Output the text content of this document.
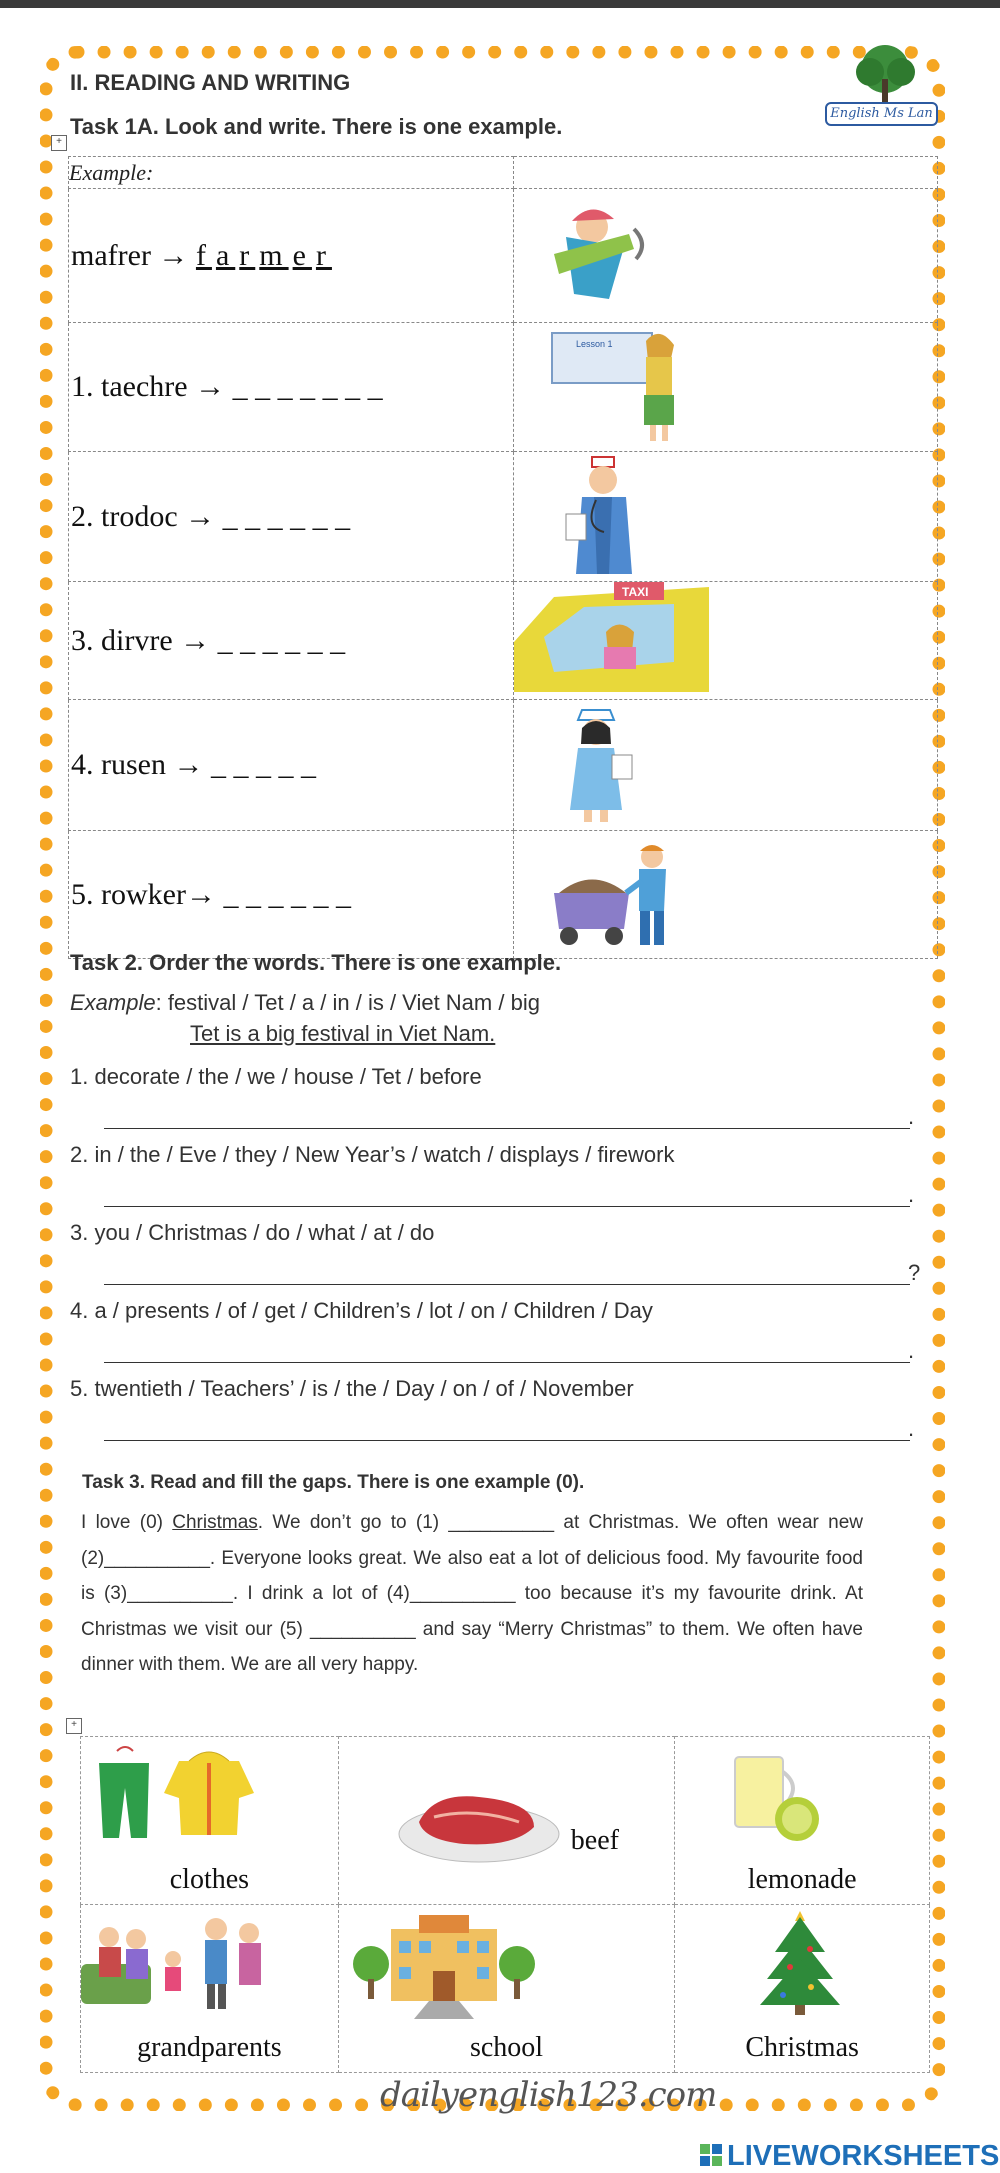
II. READING AND WRITING
English Ms Lan
Task 1A. Look and write. There is one example.
+
Example:	

mafrer → f a r m e r

1. taechre → _ _ _ _ _ _ _	Lesson 1

2. trodoc → _ _ _ _ _ _

3. dirvre → _ _ _ _ _ _	TAXI

4. rusen → _ _ _ _ _

5. rowker→ _ _ _ _ _ _

Task 2. Order the words. There is one example.
Example: festival / Tet / a / in / is / Viet Nam / big
Tet is a big festival in Viet Nam.
1. decorate / the / we / house / Tet / before
.
2. in / the / Eve / they / New Year’s / watch / displays / firework
.
3. you / Christmas / do / what / at / do
?
4. a / presents / of / get / Children’s / lot / on / Children / Day
.
5. twentieth / Teachers’ / is / the / Day / on / of / November
.
Task 3. Read and fill the gaps. There is one example (0).
I love (0) Christmas. We don’t go to (1) __________ at Christmas. We often wear new (2)__________. Everyone looks great. We also eat a lot of delicious food. My favourite food is (3)__________. I drink a lot of (4)__________ too because it’s my favourite drink. At Christmas we visit our (5) __________ and say “Merry Christmas” to them. We often have dinner with them. We are all very happy.
+
clothes	beef	lemonade

grandparents	school	Christmas
dailyenglish123.com
LIVEWORKSHEETS
